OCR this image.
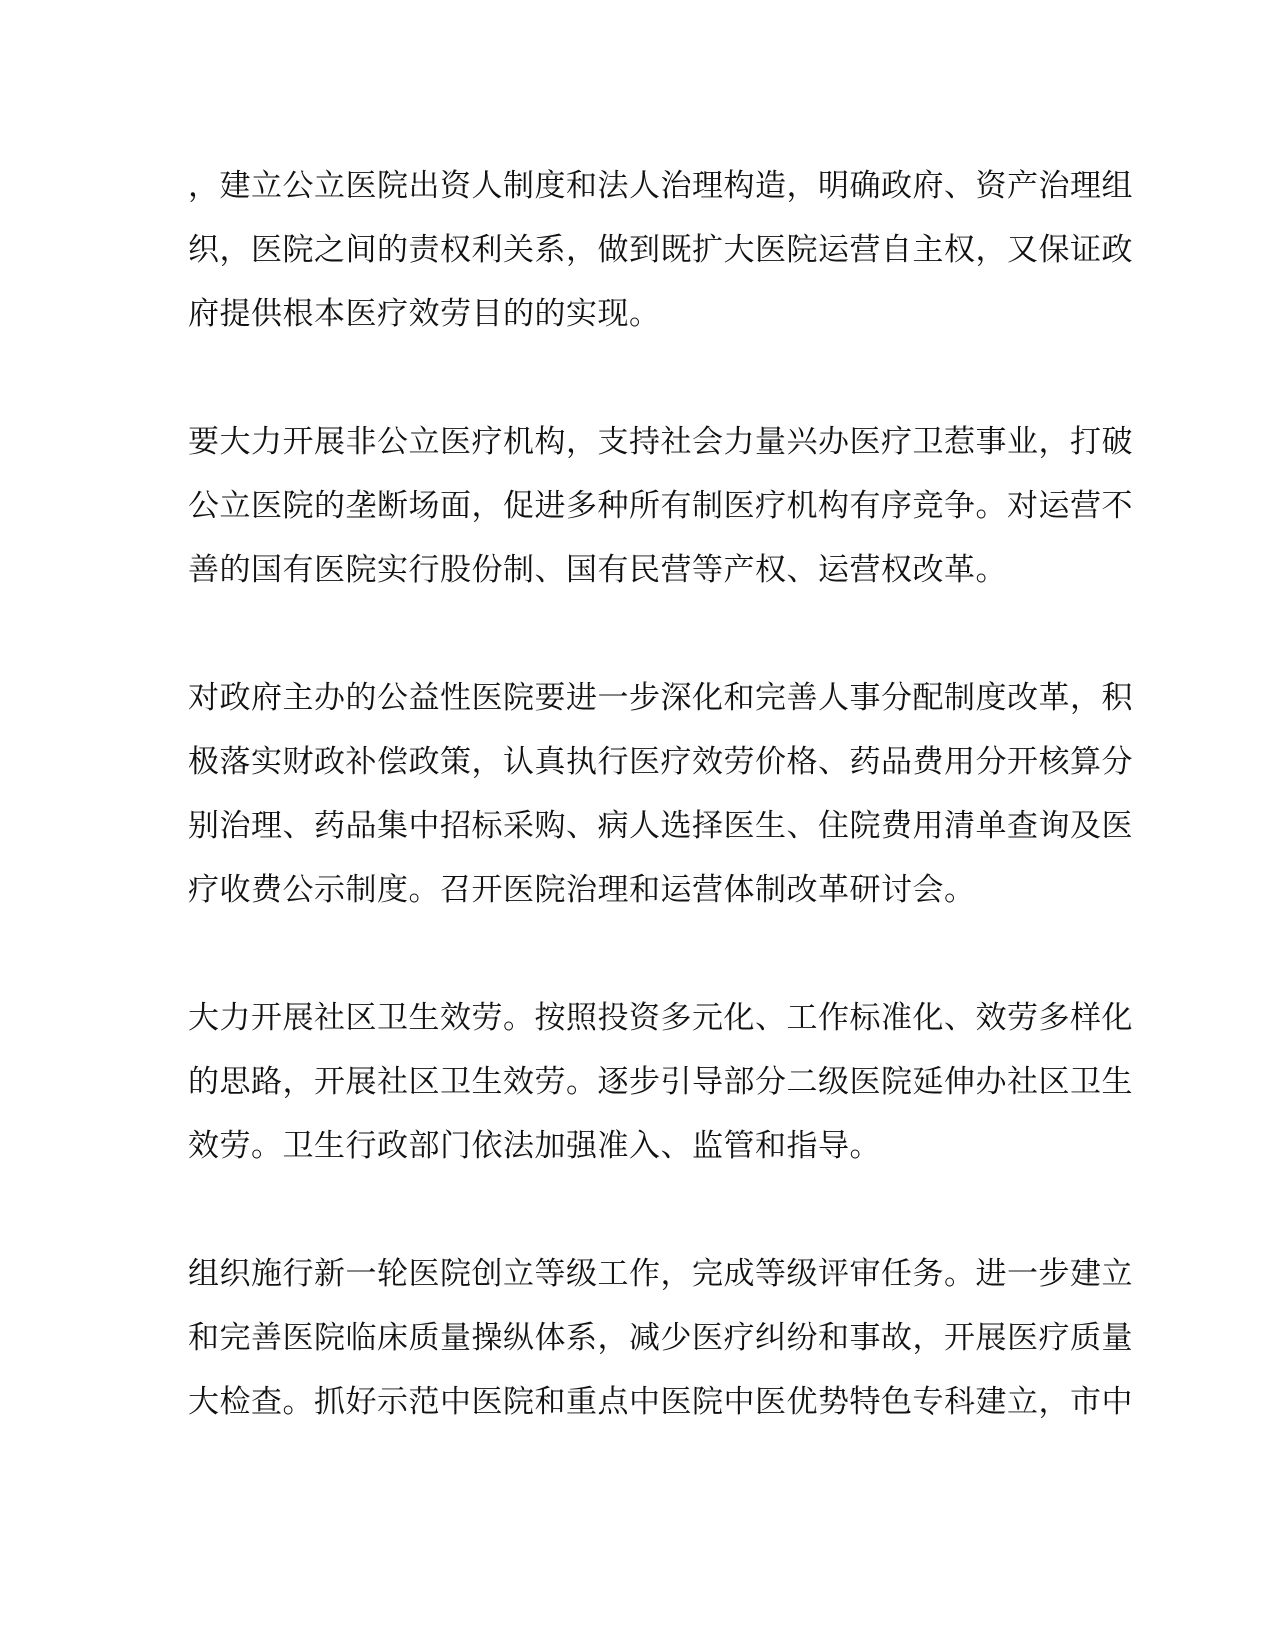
，建立公立医院出资人制度和法人治理构造，明确政府、资产治理组
织，医院之间的责权利关系，做到既扩大医院运营自主权，又保证政
府提供根本医疗效劳目的的实现。
要大力开展非公立医疗机构，支持社会力量兴办医疗卫惹事业，打破
公立医院的垄断场面，促进多种所有制医疗机构有序竞争。对运营不
善的国有医院实行股份制、国有民营等产权、运营权改革。
对政府主办的公益性医院要进一步深化和完善人事分配制度改革，积
极落实财政补偿政策，认真执行医疗效劳价格、药品费用分开核算分
别治理、药品集中招标采购、病人选择医生、住院费用清单查询及医
疗收费公示制度。召开医院治理和运营体制改革研讨会。
大力开展社区卫生效劳。按照投资多元化、工作标准化、效劳多样化
的思路，开展社区卫生效劳。逐步引导部分二级医院延伸办社区卫生
效劳。卫生行政部门依法加强准入、监管和指导。
组织施行新一轮医院创立等级工作，完成等级评审任务。进一步建立
和完善医院临床质量操纵体系，减少医疗纠纷和事故，开展医疗质量
大检查。抓好示范中医院和重点中医院中医优势特色专科建立，市中
